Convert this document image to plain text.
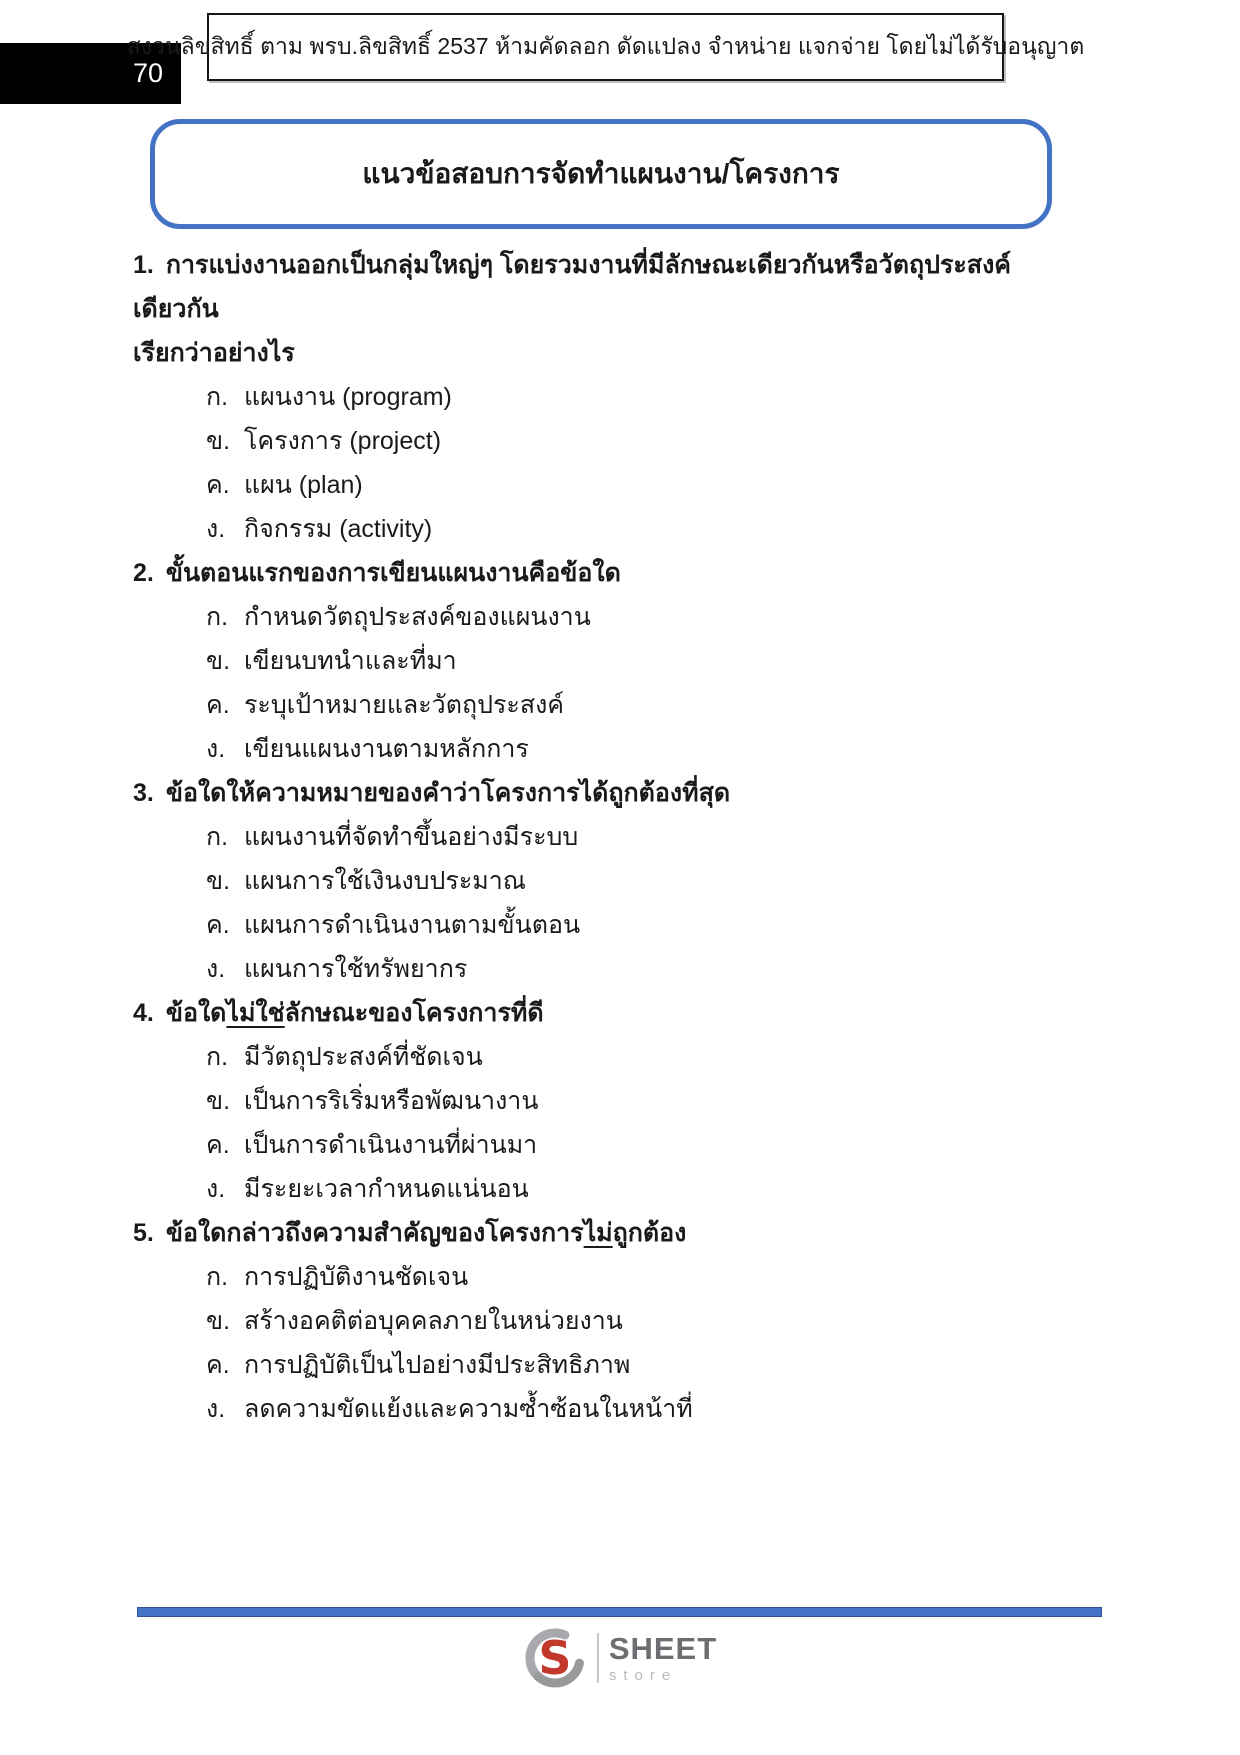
70
สงวนลิขสิทธิ์ ตาม พรบ.ลิขสิทธิ์ 2537 ห้ามคัดลอก ดัดแปลง จำหน่าย แจกจ่าย โดยไม่ได้รับอนุญาต
แนวข้อสอบการจัดทำแผนงาน/โครงการ

1. การแบ่งงานออกเป็นกลุ่มใหญ่ๆ โดยรวมงานที่มีลักษณะเดียวกันหรือวัตถุประสงค์เดียวกัน

เรียกว่าอย่างไร

ก. แผนงาน (program)

ข. โครงการ (project)

ค. แผน (plan)

ง. กิจกรรม (activity)

2. ขั้นตอนแรกของการเขียนแผนงานคือข้อใด

ก. กำหนดวัตถุประสงค์ของแผนงาน

ข. เขียนบทนำและที่มา

ค. ระบุเป้าหมายและวัตถุประสงค์

ง. เขียนแผนงานตามหลักการ

3. ข้อใดให้ความหมายของคำว่าโครงการได้ถูกต้องที่สุด

ก. แผนงานที่จัดทำขึ้นอย่างมีระบบ

ข. แผนการใช้เงินงบประมาณ

ค. แผนการดำเนินงานตามขั้นตอน

ง. แผนการใช้ทรัพยากร

4. ข้อใดไม่ใช่ลักษณะของโครงการที่ดี

ก. มีวัตถุประสงค์ที่ชัดเจน

ข. เป็นการริเริ่มหรือพัฒนางาน

ค. เป็นการดำเนินงานที่ผ่านมา

ง. มีระยะเวลากำหนดแน่นอน

5. ข้อใดกล่าวถึงความสำคัญของโครงการไม่ถูกต้อง

ก. การปฏิบัติงานชัดเจน

ข. สร้างอคติต่อบุคคลภายในหน่วยงาน

ค. การปฏิบัติเป็นไปอย่างมีประสิทธิภาพ

ง. ลดความขัดแย้งและความซ้ำซ้อนในหน้าที่

S SHEET
store
